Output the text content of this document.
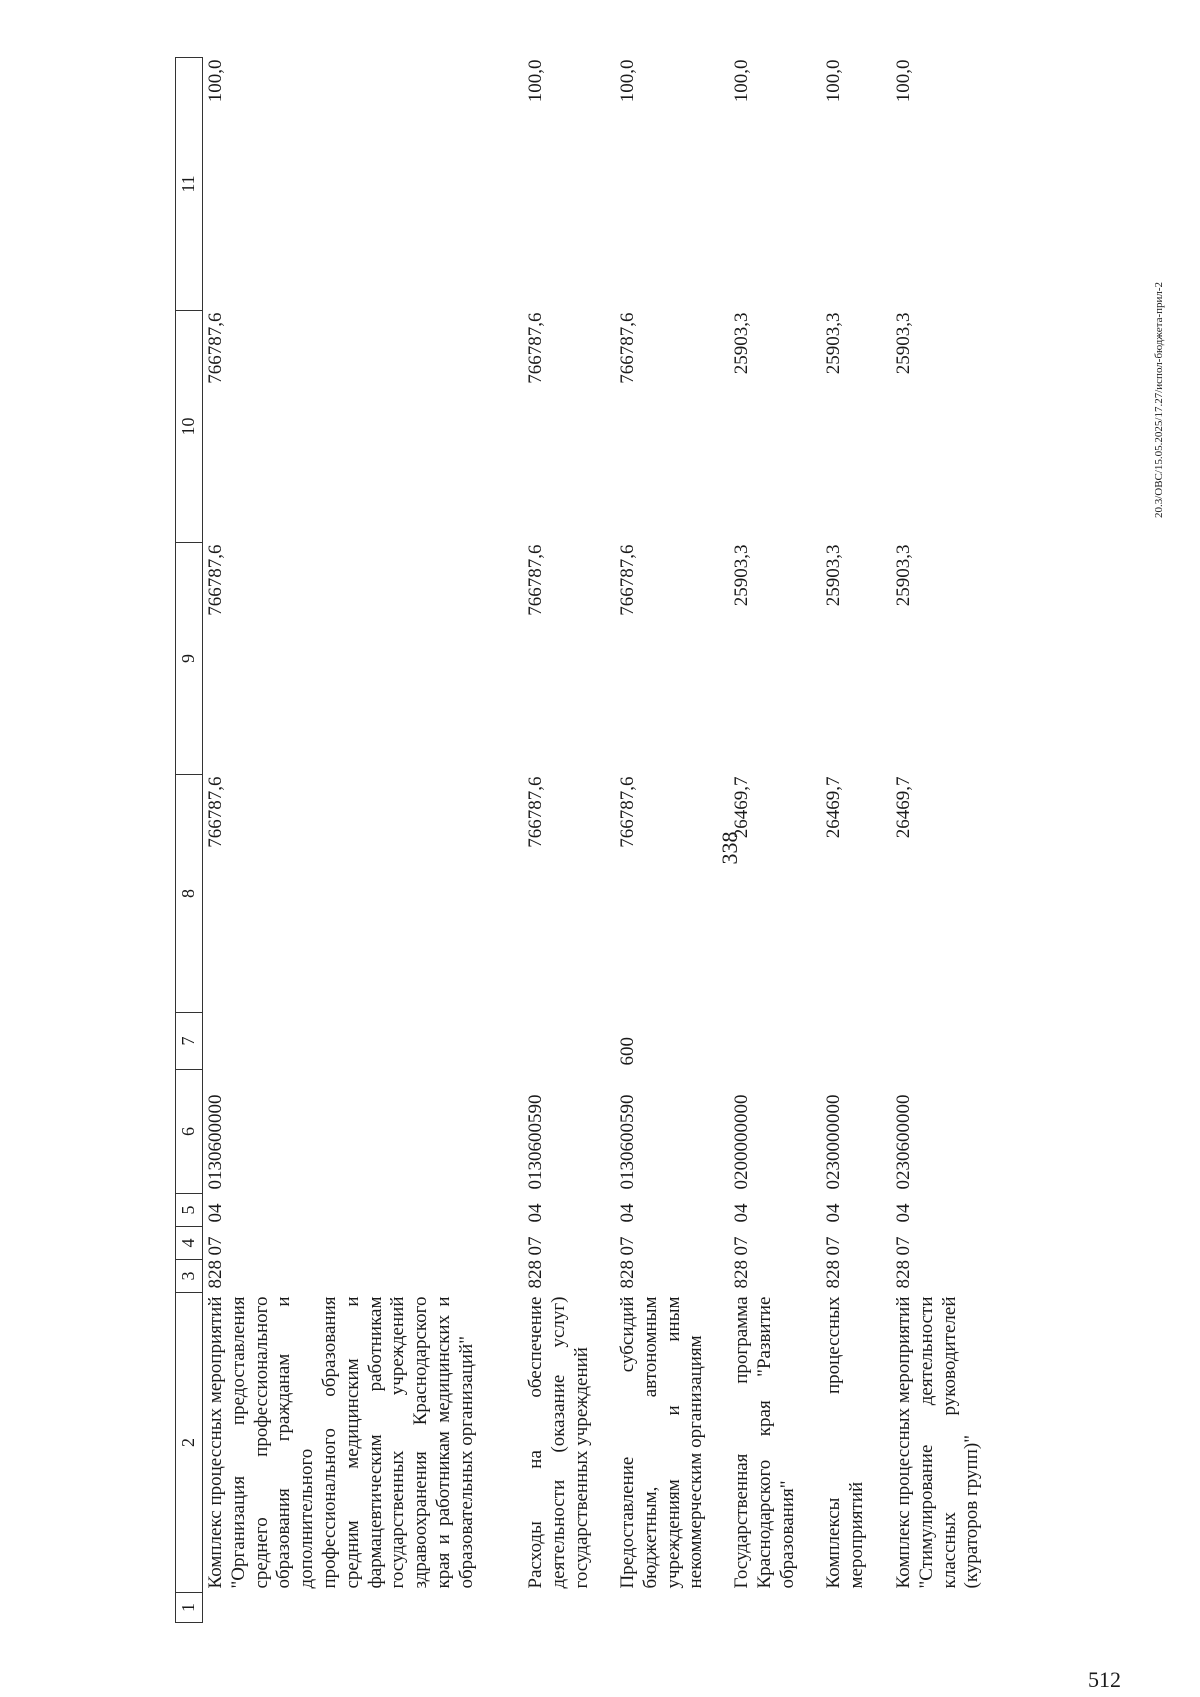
338
20.3/ОВС/15.05.2025/17.27/испол-бюджета-прил-2
512
1	2	3	4	5	6	7	8	9	10	11
	Комплекс процессных мероприятий "Организация предоставления среднего профессионального образования гражданам и дополнительного профессионального образования средним медицинским и фармацевтическим работникам государственных учреждений здравоохранения Краснодарского края и работникам медицинских и образовательных организаций"	828	07	04	0130600000		766787,6	766787,6	766787,6	100,0
	Расходы на обеспечение деятельности (оказание услуг) государственных учреждений	828	07	04	0130600590		766787,6	766787,6	766787,6	100,0
	Предоставление субсидий бюджетным, автономным учреждениям и иным некоммерческим организациям	828	07	04	0130600590	600	766787,6	766787,6	766787,6	100,0
	Государственная программа Краснодарского края "Развитие образования"	828	07	04	0200000000		26469,7	25903,3	25903,3	100,0
	Комплексы процессных мероприятий	828	07	04	0230000000		26469,7	25903,3	25903,3	100,0
	Комплекс процессных мероприятий "Стимулирование деятельности классных руководителей (кураторов групп)"	828	07	04	0230600000		26469,7	25903,3	25903,3	100,0
